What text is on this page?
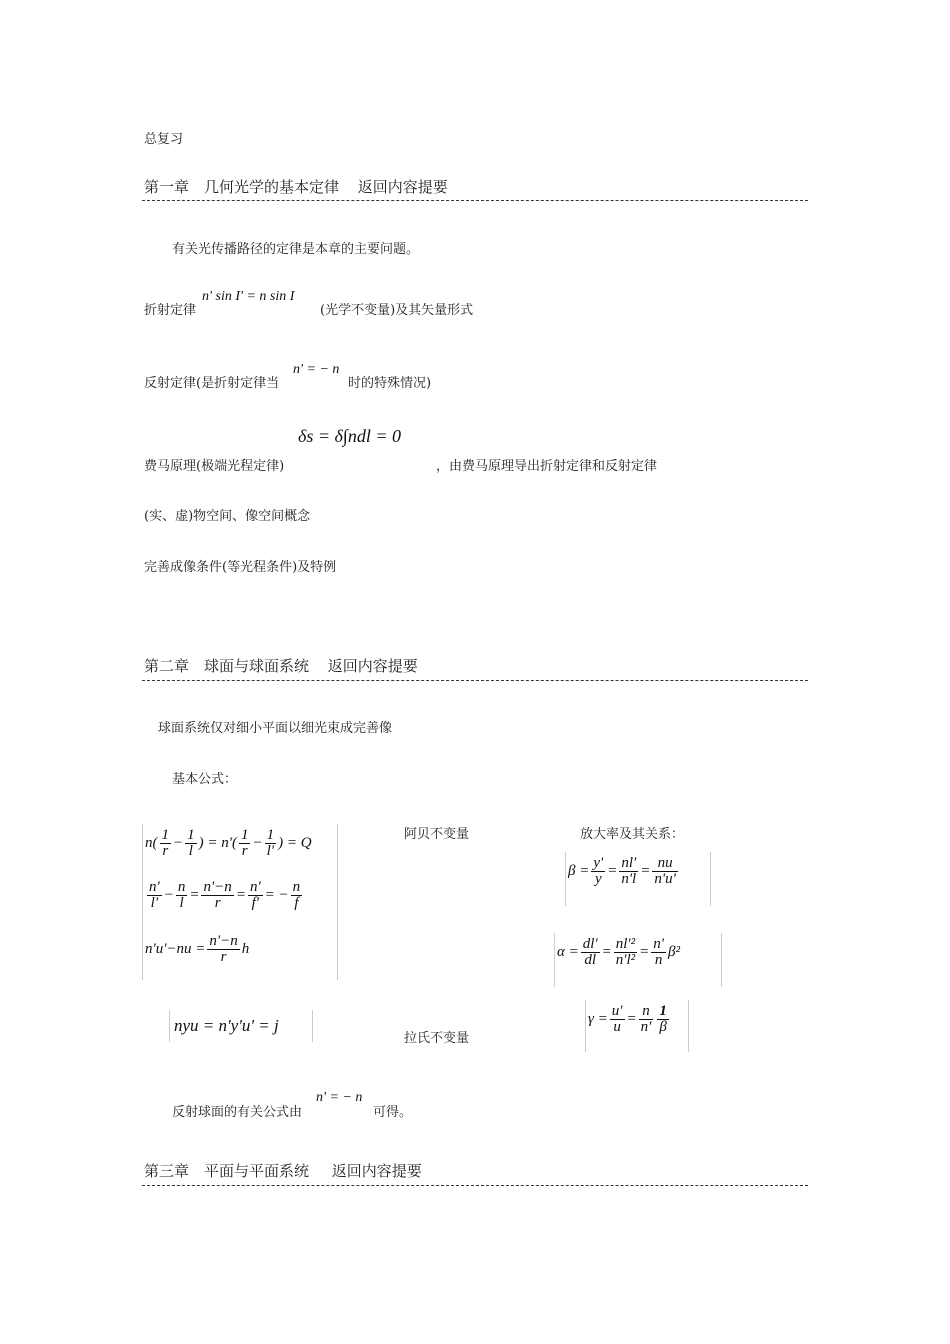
总复习
第一章　几何光学的基本定律 返回内容提要
有关光传播路径的定律是本章的主要问题。
折射定律
n' sin I' = n sin I
(光学不变量)及其矢量形式
反射定律(是折射定律当
n' = − n
时的特殊情况)
δs = δ∫ndl = 0
费马原理(极端光程定律)	，由费马原理导出折射定律和反射定律
(实、虚)物空间、像空间概念
完善成像条件(等光程条件)及特例
第二章　球面与球面系统 返回内容提要
球面系统仅对细小平面以细光束成完善像
基本公式：
$n( \frac{1}{r} - \frac{1}{l}$ ) = $n'( \frac{1}{r} - \frac{1}{l'}$ ) = Q
$\frac{n'}{l'} - \frac{n}{l} = \frac{n'-n}{r} = \frac{n'}{f'}$ = − $\frac{n}{f}$
$n'u'-nu = \frac{n'-n}{r}$ h
阿贝不变量	放大率及其关系：
$\beta = \frac{y'}{y} = \frac{nl'}{n'l} = \frac{nu}{n'u'}$
$\alpha = \frac{dl'}{dl} = \frac{\text{nl'²}}{\text{n'l²}} = \frac{n'}{n} \beta^2$
$\gamma = \frac{u'}{u} = \frac{n}{n'} \frac{1}{\beta}$
nyu = n'y'u' = j
拉氏不变量
反射球面的有关公式由
n' = − n
可得。
第三章　平面与平面系统 返回内容提要
